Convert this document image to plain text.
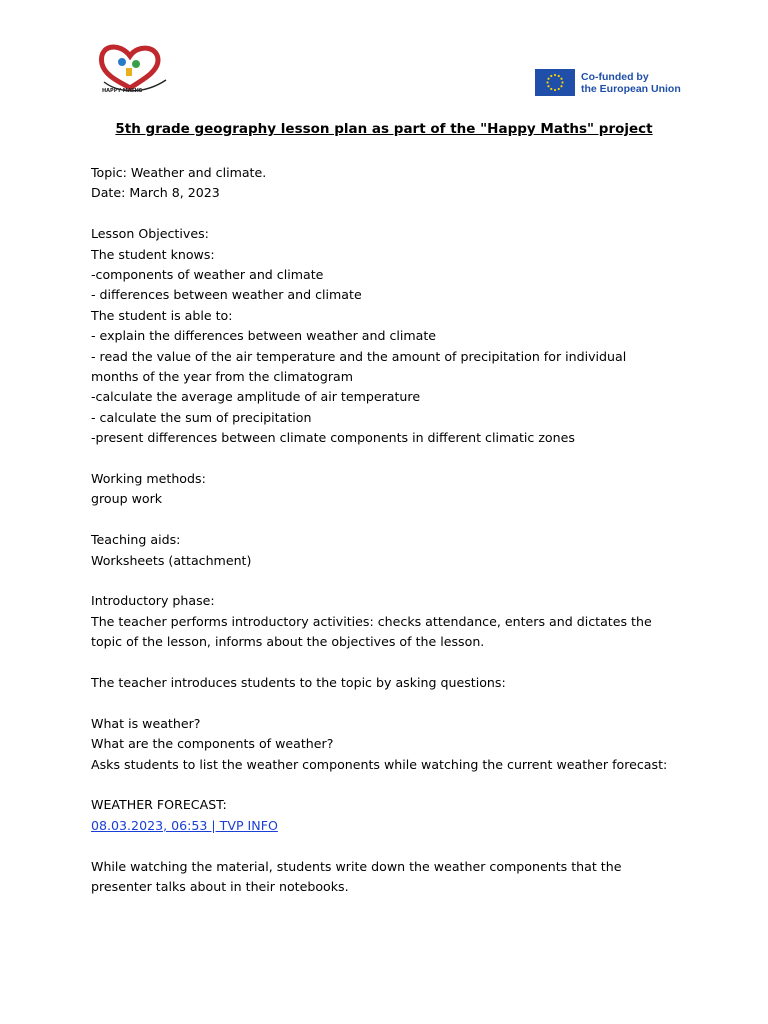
HAPPY MATHS
Co-funded by
the European Union
5th grade geography lesson plan as part of the "Happy Maths" project

Topic: Weather and climate.

Date: March 8, 2023

Lesson Objectives:

The student knows:

-components of weather and climate

- differences between weather and climate

The student is able to:

- explain the differences between weather and climate

- read the value of the air temperature and the amount of precipitation for individual

months of the year from the climatogram

-calculate the average amplitude of air temperature

- calculate the sum of precipitation

-present differences between climate components in different climatic zones

Working methods:

group work

Teaching aids:

Worksheets (attachment)

Introductory phase:

The teacher performs introductory activities: checks attendance, enters and dictates the

topic of the lesson, informs about the objectives of the lesson.

The teacher introduces students to the topic by asking questions:

What is weather?

What are the components of weather?

Asks students to list the weather components while watching the current weather forecast:

WEATHER FORECAST:

08.03.2023, 06:53 | TVP INFO

While watching the material, students write down the weather components that the

presenter talks about in their notebooks.
